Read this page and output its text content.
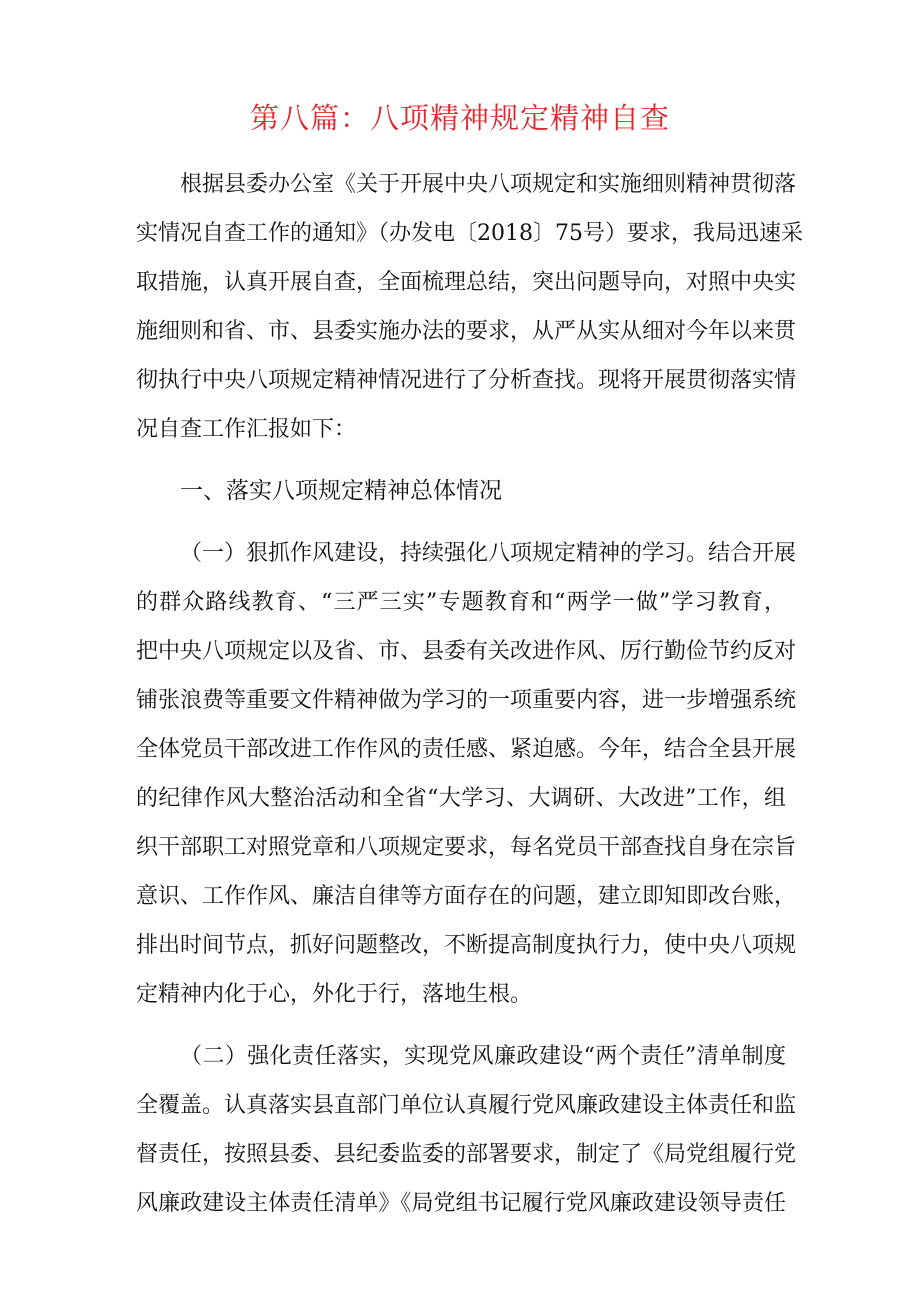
第八篇：八项精神规定精神自查
根据县委办公室《关于开展中央八项规定和实施细则精神贯彻落
实情况自查工作的通知》（办发电〔2018〕75号）要求，我局迅速采
取措施，认真开展自查，全面梳理总结，突出问题导向，对照中央实
施细则和省、市、县委实施办法的要求，从严从实从细对今年以来贯
彻执行中央八项规定精神情况进行了分析查找。现将开展贯彻落实情
况自查工作汇报如下：
一、落实八项规定精神总体情况
（一）狠抓作风建设，持续强化八项规定精神的学习。结合开展
的群众路线教育、“三严三实”专题教育和“两学一做”学习教育，
把中央八项规定以及省、市、县委有关改进作风、厉行勤俭节约反对
铺张浪费等重要文件精神做为学习的一项重要内容，进一步增强系统
全体党员干部改进工作作风的责任感、紧迫感。今年，结合全县开展
的纪律作风大整治活动和全省“大学习、大调研、大改进”工作，组
织干部职工对照党章和八项规定要求，每名党员干部查找自身在宗旨
意识、工作作风、廉洁自律等方面存在的问题，建立即知即改台账，
排出时间节点，抓好问题整改，不断提高制度执行力，使中央八项规
定精神内化于心，外化于行，落地生根。
（二）强化责任落实，实现党风廉政建设“两个责任”清单制度
全覆盖。认真落实县直部门单位认真履行党风廉政建设主体责任和监
督责任，按照县委、县纪委监委的部署要求，制定了《局党组履行党
风廉政建设主体责任清单》《局党组书记履行党风廉政建设领导责任
